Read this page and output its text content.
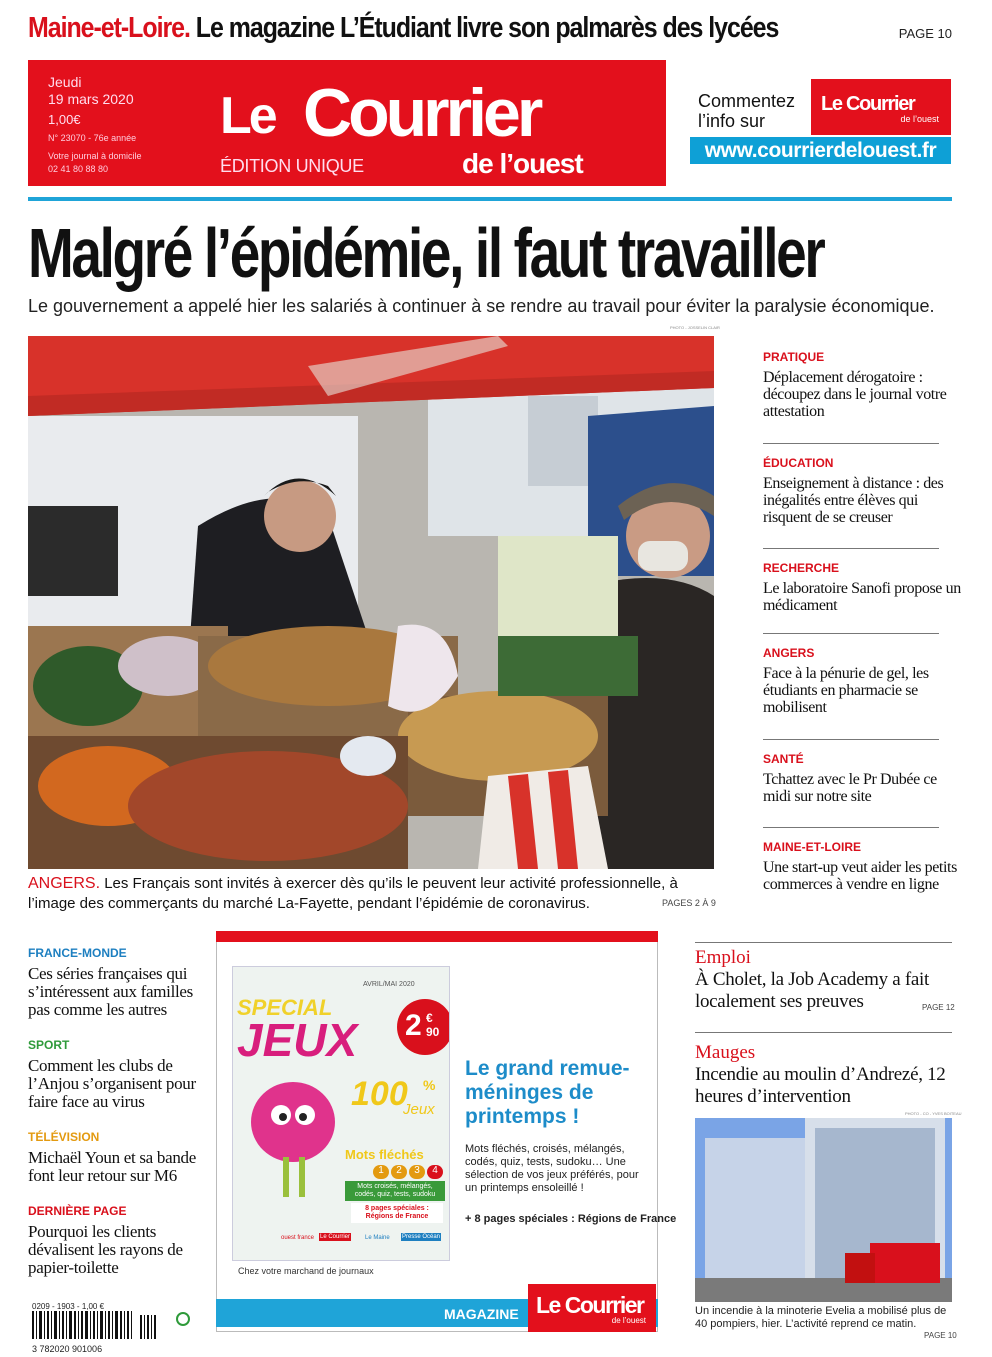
Maine-et-Loire. Le magazine L’Étudiant livre son palmarès des lycées	PAGE 10
Jeudi
19 mars 2020
1,00€
N° 23070 - 76e année
Votre journal à domicile
02 41 80 88 80
Le Courrier
de l’ouest
ÉDITION UNIQUE
Commentez
l’info sur
Le Courrier
de l’ouest
www.courrierdelouest.fr
Malgré l’épidémie, il faut travailler
Le gouvernement a appelé hier les salariés à continuer à se rendre au travail pour éviter la paralysie économique.
PHOTO - JOSSELIN CLAIR
ANGERS. Les Français sont invités à exercer dès qu’ils le peuvent leur activité professionnelle, à l’image des commerçants du marché La-Fayette, pendant l’épidémie de coronavirus.	PAGES 2 À 9
PRATIQUE
Déplacement dérogatoire : découpez dans le journal votre attestation
ÉDUCATION
Enseignement à distance : des inégalités entre élèves qui risquent de se creuser
RECHERCHE
Le laboratoire Sanofi propose un médicament
ANGERS
Face à la pénurie de gel, les étudiants en pharmacie se mobilisent
SANTÉ
Tchattez avec le Pr Dubée ce midi sur notre site
MAINE-ET-LOIRE
Une start-up veut aider les petits commerces à vendre en ligne
FRANCE-MONDE
Ces séries françaises qui s’intéressent aux familles pas comme les autres
SPORT
Comment les clubs de l’Anjou s’organisent pour faire face au virus
TÉLÉVISION
Michaël Youn et sa bande font leur retour sur M6
DERNIÈRE PAGE
Pourquoi les clients dévalisent les rayons de papier-toilette
SPECIAL
JEUX
AVRIL/MAI 2020
2 €
90
100 %
Jeux
Mots fléchés
1	2	3	4
Mots croisés, mélangés, codés, quiz, tests, sudoku
8 pages spéciales : Régions de France
ouest france Le Courrier Le Maine Presse Océan
Le grand remue-méninges de printemps !
Mots fléchés, croisés, mélangés, codés, quiz, tests, sudoku… Une sélection de vos jeux préférés, pour un printemps ensoleillé !
+ 8 pages spéciales : Régions de France
Chez votre marchand de journaux
MAGAZINE Le Courrier
de l’ouest
Emploi
À Cholet, la Job Academy a fait localement ses preuves	PAGE 12
Mauges
Incendie au moulin d’Andrezé, 12 heures d’intervention
PHOTO - CO - YVES BOITEAU
Un incendie à la minoterie Evelia a mobilisé plus de 40 pompiers, hier. L’activité reprend ce matin.
PAGE 10
0209 - 1903 - 1,00 €
3 782020 901006
